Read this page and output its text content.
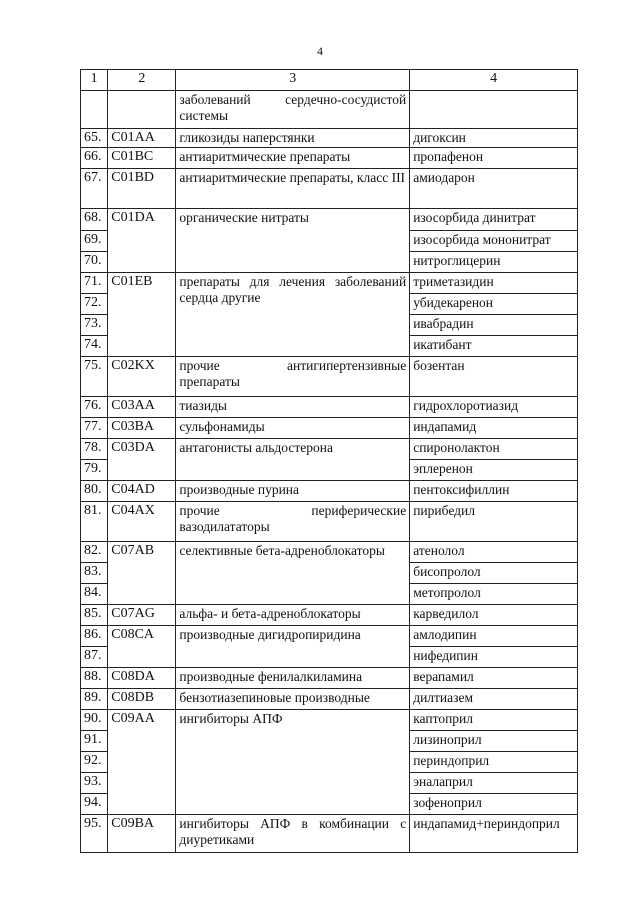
4
1	2	3	4
		заболеваний сердечно-сосудистой системы	
65.	C01AA	гликозиды наперстянки	дигоксин
66.	C01BC	антиаритмические препараты	пропафенон
67.	C01BD	антиаритмические препараты, класс III	амиодарон
68.	C01DA	органические нитраты	изосорбида динитрат
69.			изосорбида мононитрат
70.			нитроглицерин
71.	C01EB	препараты для лечения заболеваний сердца другие	триметазидин
72.			убидекаренон
73.			ивабрадин
74.			икатибант
75.	C02KX	прочие антигипертензивные препараты	бозентан
76.	C03AA	тиазиды	гидрохлоротиазид
77.	C03BA	сульфонамиды	индапамид
78.	C03DA	антагонисты альдостерона	спиронолактон
79.			эплеренон
80.	C04AD	производные пурина	пентоксифиллин
81.	C04AX	прочие периферические вазодилататоры	пирибедил
82.	C07AB	селективные бета-адреноблокаторы	атенолол
83.			бисопролол
84.			метопролол
85.	C07AG	альфа- и бета-адреноблокаторы	карведилол
86.	C08CA	производные дигидропиридина	амлодипин
87.			нифедипин
88.	C08DA	производные фенилалкиламина	верапамил
89.	C08DB	бензотиазепиновые производные	дилтиазем
90.	C09AA	ингибиторы АПФ	каптоприл
91.			лизиноприл
92.			периндоприл
93.			эналаприл
94.			зофеноприл
95.	C09BA	ингибиторы АПФ в комбинации с диуретиками	индапамид+периндоприл
